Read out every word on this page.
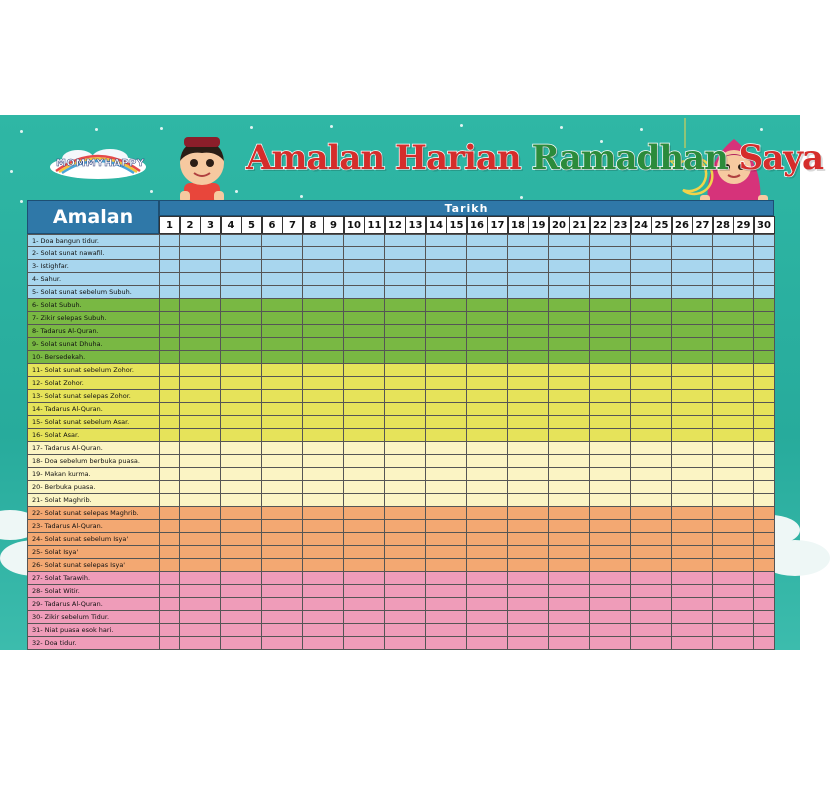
MOMMYHAPPY	Amalan Harian Ramadhan Saya
Amalan	Tarikh
1	2	3	4	5	6	7	8	9	10 11 12 13 14 15 16 17 18 19 20 21 22 23 24 25 26 27 28 29 30
1- Doa bangun tidur.
2- Solat sunat nawafil.
3- Istighfar.
4- Sahur.
5- Solat sunat sebelum Subuh.
6- Solat Subuh.
7- Zikir selepas Subuh.
8- Tadarus Al-Quran.
9- Solat sunat Dhuha.
10- Bersedekah.
11- Solat sunat sebelum Zohor.
12- Solat Zohor.
13- Solat sunat selepas Zohor.
14- Tadarus Al-Quran.
15- Solat sunat sebelum Asar.
16- Solat Asar.
17- Tadarus Al-Quran.
18- Doa sebelum berbuka puasa.
19- Makan kurma.
20- Berbuka puasa.
21- Solat Maghrib.
22- Solat sunat selepas Maghrib.
23- Tadarus Al-Quran.
24- Solat sunat sebelum Isya'
25- Solat Isya'
26- Solat sunat selepas Isya'
27- Solat Tarawih.
28- Solat Witir.
29- Tadarus Al-Quran.
30- Zikir sebelum Tidur.
31- Niat puasa esok hari.
32- Doa tidur.
